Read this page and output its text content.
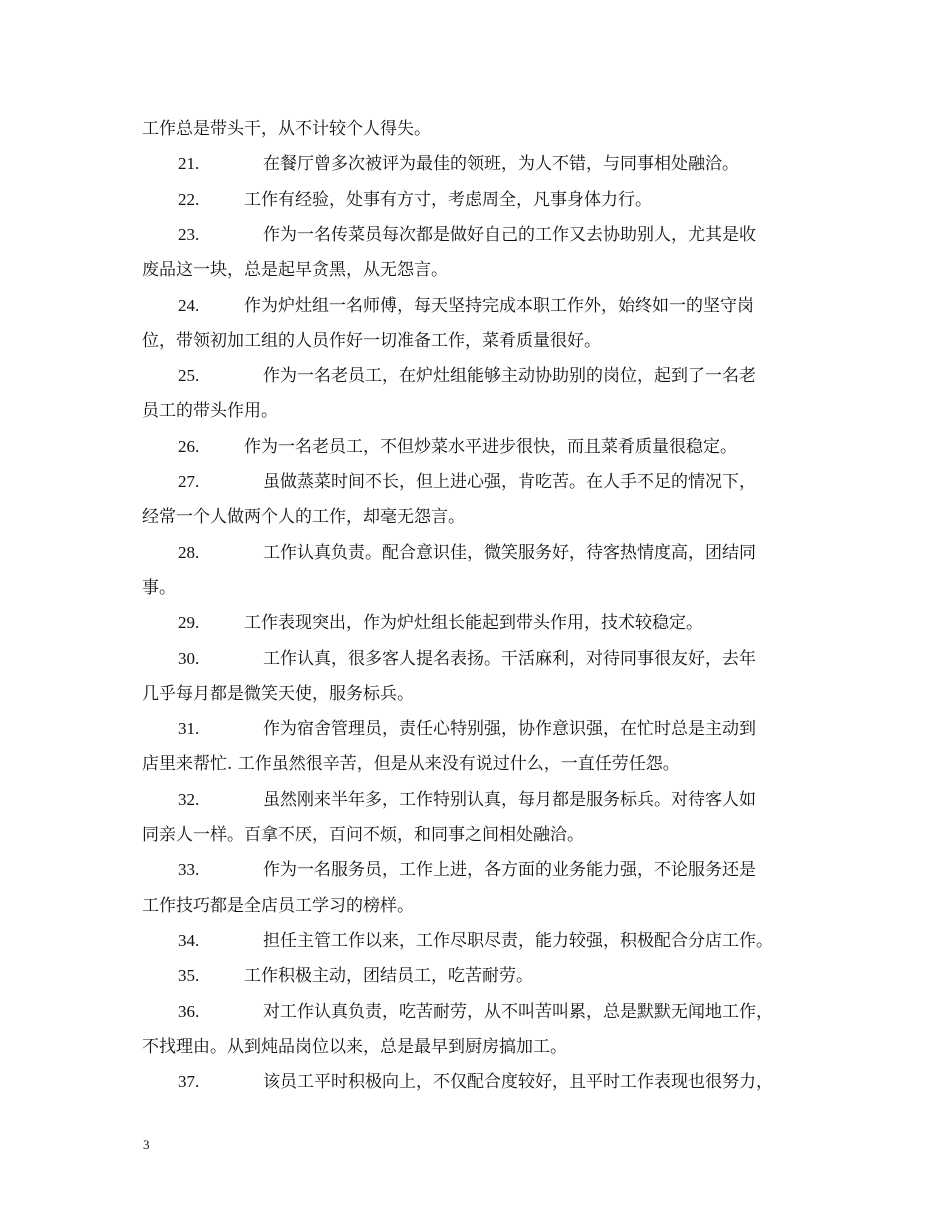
工作总是带头干，从不计较个人得失。
21.	在餐厅曾多次被评为最佳的领班，为人不错，与同事相处融洽。
22.	工作有经验，处事有方寸，考虑周全，凡事身体力行。
23.	作为一名传菜员每次都是做好自己的工作又去协助别人，尤其是收
废品这一块，总是起早贪黑，从无怨言。
24.	作为炉灶组一名师傅，每天坚持完成本职工作外，始终如一的坚守岗
位，带领初加工组的人员作好一切准备工作，菜肴质量很好。
25.	作为一名老员工，在炉灶组能够主动协助别的岗位，起到了一名老
员工的带头作用。
26.	作为一名老员工，不但炒菜水平进步很快，而且菜肴质量很稳定。
27.	虽做蒸菜时间不长，但上进心强，肯吃苦。在人手不足的情况下，
经常一个人做两个人的工作，却毫无怨言。
28.	工作认真负责。配合意识佳，微笑服务好，待客热情度高，团结同
事。
29.	工作表现突出，作为炉灶组长能起到带头作用，技术较稳定。
30.	工作认真，很多客人提名表扬。干活麻利，对待同事很友好，去年
几乎每月都是微笑天使，服务标兵。
31.	作为宿舍管理员，责任心特别强，协作意识强，在忙时总是主动到
店里来帮忙. 工作虽然很辛苦，但是从来没有说过什么，一直任劳任怨。
32.	虽然刚来半年多，工作特别认真，每月都是服务标兵。对待客人如
同亲人一样。百拿不厌，百问不烦，和同事之间相处融洽。
33.	作为一名服务员，工作上进，各方面的业务能力强，不论服务还是
工作技巧都是全店员工学习的榜样。
34.	担任主管工作以来，工作尽职尽责，能力较强，积极配合分店工作。
35.	工作积极主动，团结员工，吃苦耐劳。
36.	对工作认真负责，吃苦耐劳，从不叫苦叫累，总是默默无闻地工作，
不找理由。从到炖品岗位以来，总是最早到厨房搞加工。
37.	该员工平时积极向上，不仅配合度较好，且平时工作表现也很努力，
3
